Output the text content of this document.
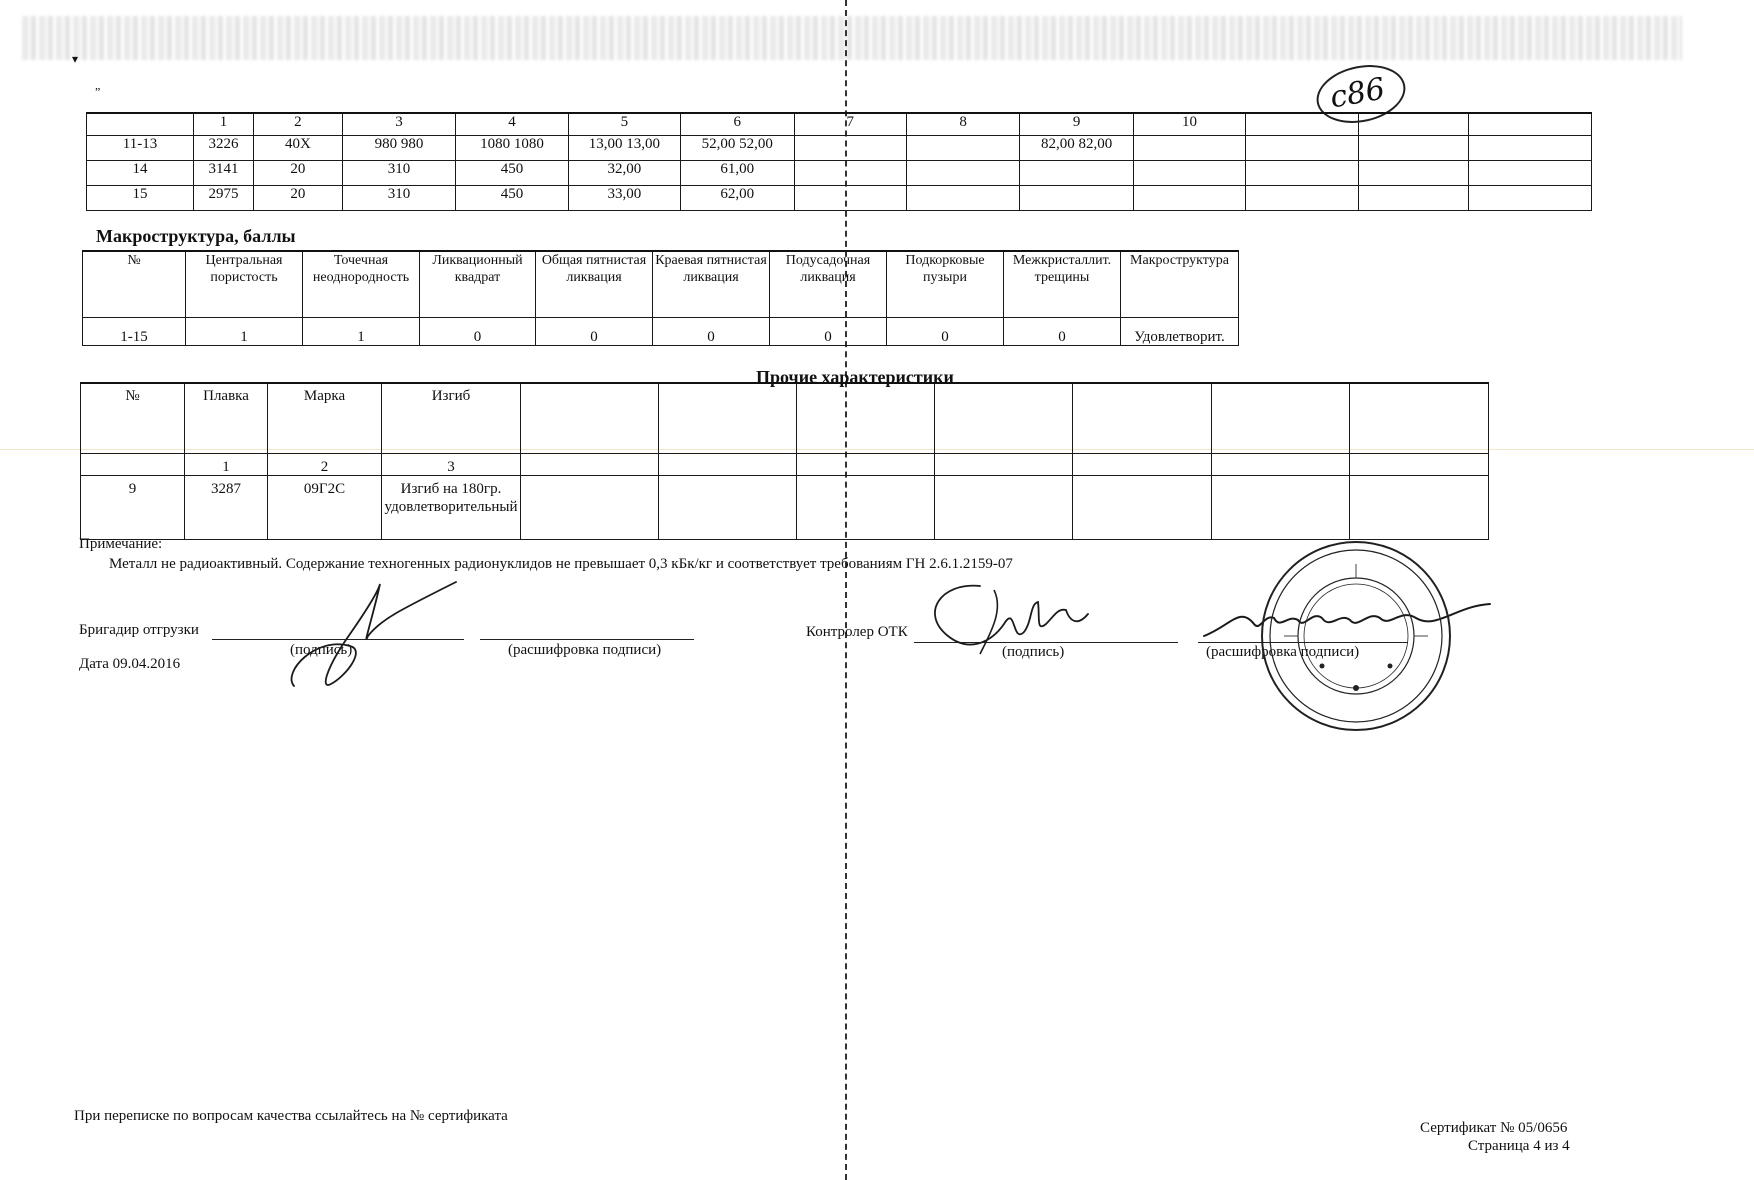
▾
„	с86
	1	2	3	4	5	6	7	8	9	10			
11-13	3226	40Х	980 980	1080 1080	13,00 13,00	52,00 52,00			82,00 82,00				
14	3141	20	310	450	32,00	61,00							
15	2975	20	310	450	33,00	62,00							
Макроструктура, баллы
№	Центральная пористость	Точечная неоднородность	Ликвационный квадрат	Общая пятнистая ликвация	Краевая пятнистая ликвация	Подусадочная ликвация	Подкорковые пузыри	Межкристаллит. трещины	Макроструктура
1-15	1	1	0	0	0	0	0	0	Удовлетворит.
Прочие характеристики
№	Плавка	Марка	Изгиб							
	1	2	3							
9	3287	09Г2С	Изгиб на 180гр. удовлетворительный							
Примечание:
Металл не радиоактивный. Содержание техногенных радионуклидов не превышает 0,3 кБк/кг и соответствует требованиям ГН 2.6.1.2159-07
Бригадир отгрузки
(подпись)	(расшифровка подписи)
Дата 09.04.2016
Контролер ОТК
(подпись)	(расшифровка подписи)
При переписке по вопросам качества ссылайтесь на № сертификата
Сертификат № 05/0656
Страница 4 из 4
